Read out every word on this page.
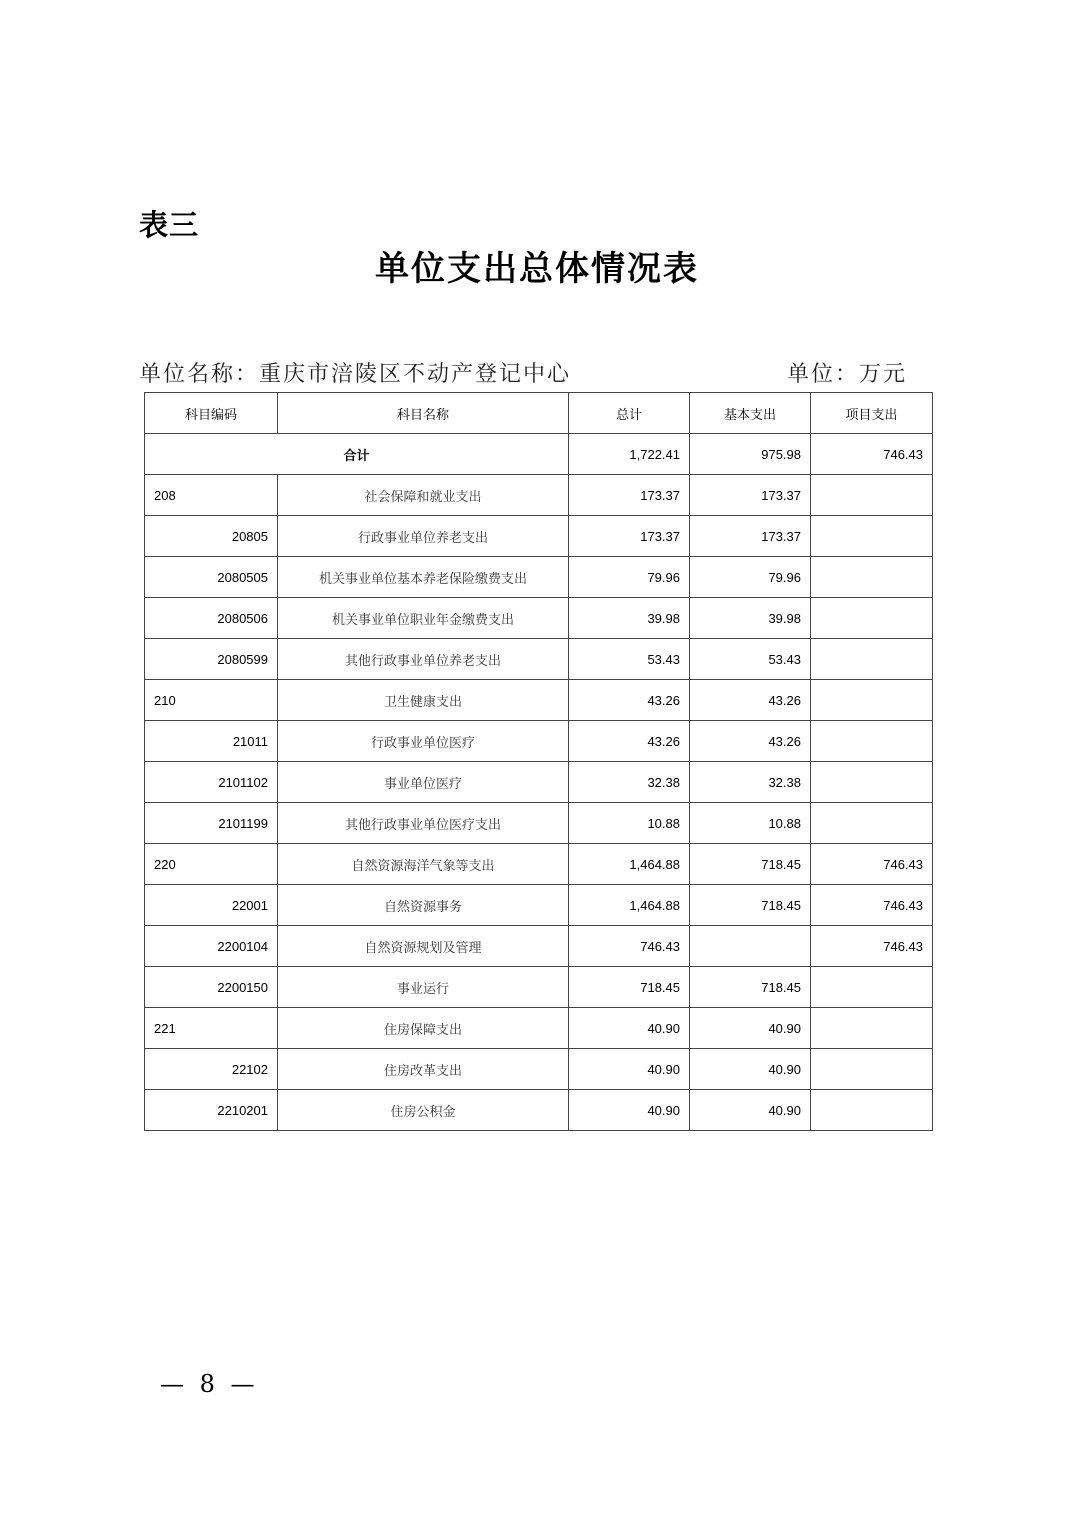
表三
单位支出总体情况表
单位名称：重庆市涪陵区不动产登记中心	单位：万元
科目编码	科目名称	总计	基本支出	项目支出
合计		1,722.41	975.98	746.43
208	社会保障和就业支出	173.37	173.37	
20805	行政事业单位养老支出	173.37	173.37	
2080505	机关事业单位基本养老保险缴费支出	79.96	79.96	
2080506	机关事业单位职业年金缴费支出	39.98	39.98	
2080599	其他行政事业单位养老支出	53.43	53.43	
210	卫生健康支出	43.26	43.26	
21011	行政事业单位医疗	43.26	43.26	
2101102	事业单位医疗	32.38	32.38	
2101199	其他行政事业单位医疗支出	10.88	10.88	
220	自然资源海洋气象等支出	1,464.88	718.45	746.43
22001	自然资源事务	1,464.88	718.45	746.43
2200104	自然资源规划及管理	746.43		746.43
2200150	事业运行	718.45	718.45	
221	住房保障支出	40.90	40.90	
22102	住房改革支出	40.90	40.90	
2210201	住房公积金	40.90	40.90	
— 8 —
